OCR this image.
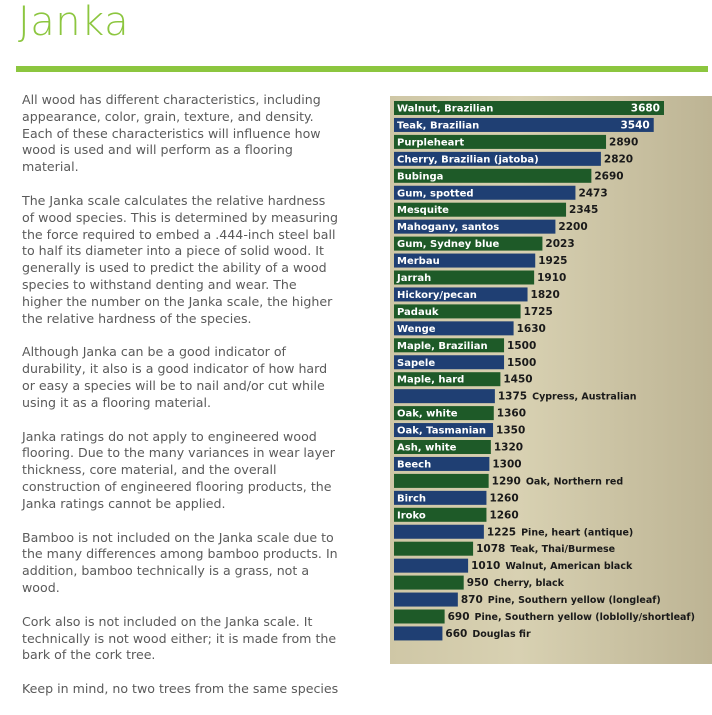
Janka

All wood has different characteristics, including appearance, color, grain, texture, and density. Each of these characteristics will influence how wood is used and will perform as a flooring material.

The Janka scale calculates the relative hardness of wood species. This is determined by measuring the force required to embed a .444-inch steel ball to half its diameter into a piece of solid wood. It generally is used to predict the ability of a wood species to withstand denting and wear. The higher the number on the Janka scale, the higher the relative hardness of the species.

Although Janka can be a good indicator of durability, it also is a good indicator of how hard or easy a species will be to nail and/or cut while using it as a flooring material.

Janka ratings do not apply to engineered wood flooring. Due to the many variances in wear layer thickness, core material, and the overall construction of engineered flooring products, the Janka ratings cannot be applied.

Bamboo is not included on the Janka scale due to the many differences among bamboo products. In addition, bamboo technically is a grass, not a wood.

Cork also is not included on the Janka scale. It technically is not wood either; it is made from the bark of the cork tree.

Keep in mind, no two trees from the same species

Walnut, Brazilian	3680
Teak, Brazilian	3540
Purpleheart	2890
Cherry, Brazilian (jatoba)	2820
Bubinga	2690
Gum, spotted	2473
Mesquite	2345
Mahogany, santos	2200
Gum, Sydney blue	2023
Merbau	1925
Jarrah	1910
Hickory/pecan	1820
Padauk	1725
Wenge	1630
Maple, Brazilian 1500
Sapele	1500
Maple, hard	1450
1375 Cypress, Australian
Oak, white	1360
Oak, Tasmanian 1350
Ash, white	1320
Beech	1300
1290 Oak, Northern red
Birch	1260
Iroko	1260
1225 Pine, heart (antique)
1078 Teak, Thai/Burmese
1010 Walnut, American black
950 Cherry, black
870 Pine, Southern yellow (longleaf)
690 Pine, Southern yellow (loblolly/shortleaf)
660 Douglas fir
